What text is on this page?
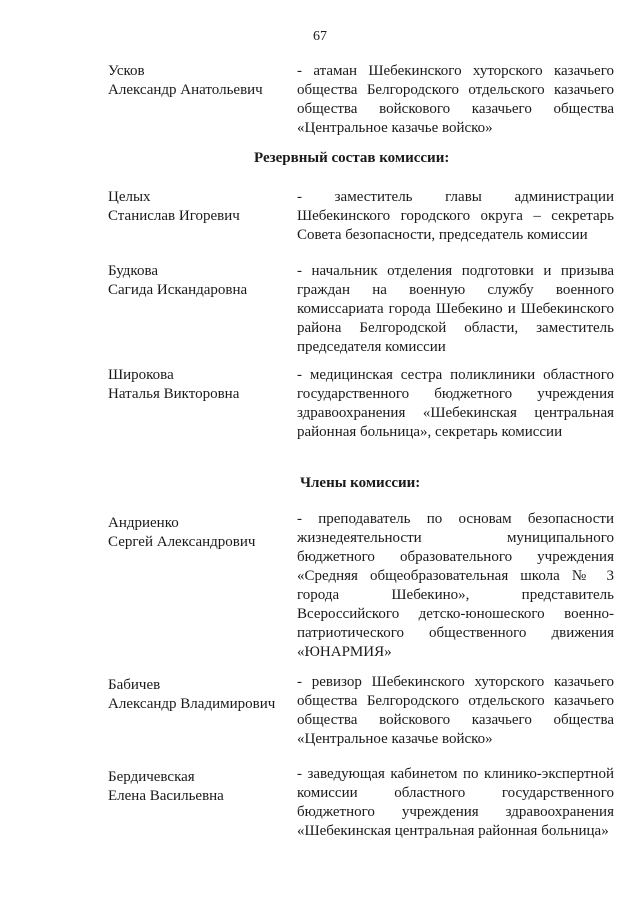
67
Усков
Александр Анатольевич
- атаман Шебекинского хуторского казачьего общества Белгородского отдельского казачьего общества войскового казачьего общества «Центральное казачье войско»
Резервный состав комиссии:
Целых
Станислав Игоревич
- заместитель главы администрации Шебекинского городского округа – секретарь Совета безопасности, председатель комиссии
Будкова
Сагида Искандаровна
- начальник отделения подготовки и призыва граждан на военную службу военного комиссариата города Шебекино и Шебекинского района Белгородской области, заместитель председателя комиссии
Широкова
Наталья Викторовна
- медицинская сестра поликлиники областного государственного бюджетного учреждения здравоохранения «Шебекинская центральная районная больница», секретарь комиссии
Члены комиссии:
Андриенко
Сергей Александрович
- преподаватель по основам безопасности жизнедеятельности муниципального бюджетного образовательного учреждения «Средняя общеобразовательная школа № 3 города Шебекино», представитель Всероссийского детско-юношеского военно-патриотического общественного движения «ЮНАРМИЯ»
Бабичев
Александр Владимирович
- ревизор Шебекинского хуторского казачьего общества Белгородского отдельского казачьего общества войскового казачьего общества «Центральное казачье войско»
Бердичевская
Елена Васильевна
- заведующая кабинетом по клинико-экспертной комиссии областного государственного бюджетного учреждения здравоохранения «Шебекинская центральная районная больница»
